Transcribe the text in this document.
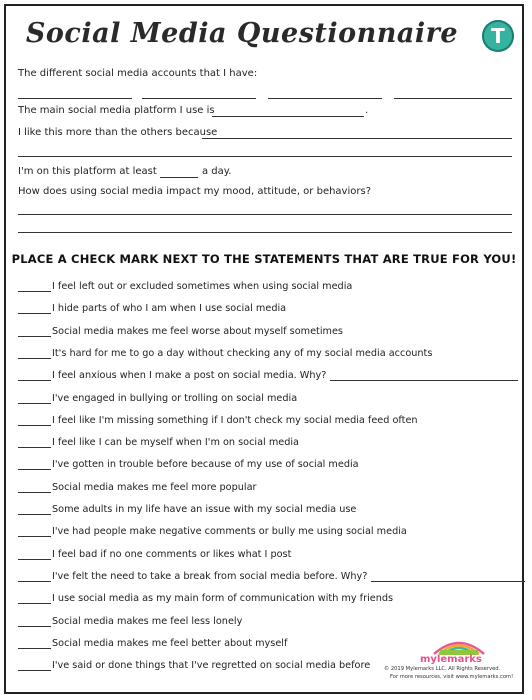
Social Media Questionnaire	T
The different social media accounts that I have:
The main social media platform I use is	.
I like this more than the others because
I'm on this platform at least	a day.
How does using social media impact my mood, attitude, or behaviors?
PLACE A CHECK MARK NEXT TO THE STATEMENTS THAT ARE TRUE FOR YOU!
I feel left out or excluded sometimes when using social media
I hide parts of who I am when I use social media
Social media makes me feel worse about myself sometimes
It's hard for me to go a day without checking any of my social media accounts
I feel anxious when I make a post on social media. Why?
I've engaged in bullying or trolling on social media
I feel like I'm missing something if I don't check my social media feed often
I feel like I can be myself when I'm on social media
I've gotten in trouble before because of my use of social media
Social media makes me feel more popular
Some adults in my life have an issue with my social media use
I've had people make negative comments or bully me using social media
I feel bad if no one comments or likes what I post
I've felt the need to take a break from social media before. Why?
I use social media as my main form of communication with my friends
Social media makes me feel less lonely
Social media makes me feel better about myself
I've said or done things that I've regretted on social media before
mylemarks
© 2019 Mylemarks LLC. All Rights Reserved.
For more resources, visit www.mylemarks.com!
